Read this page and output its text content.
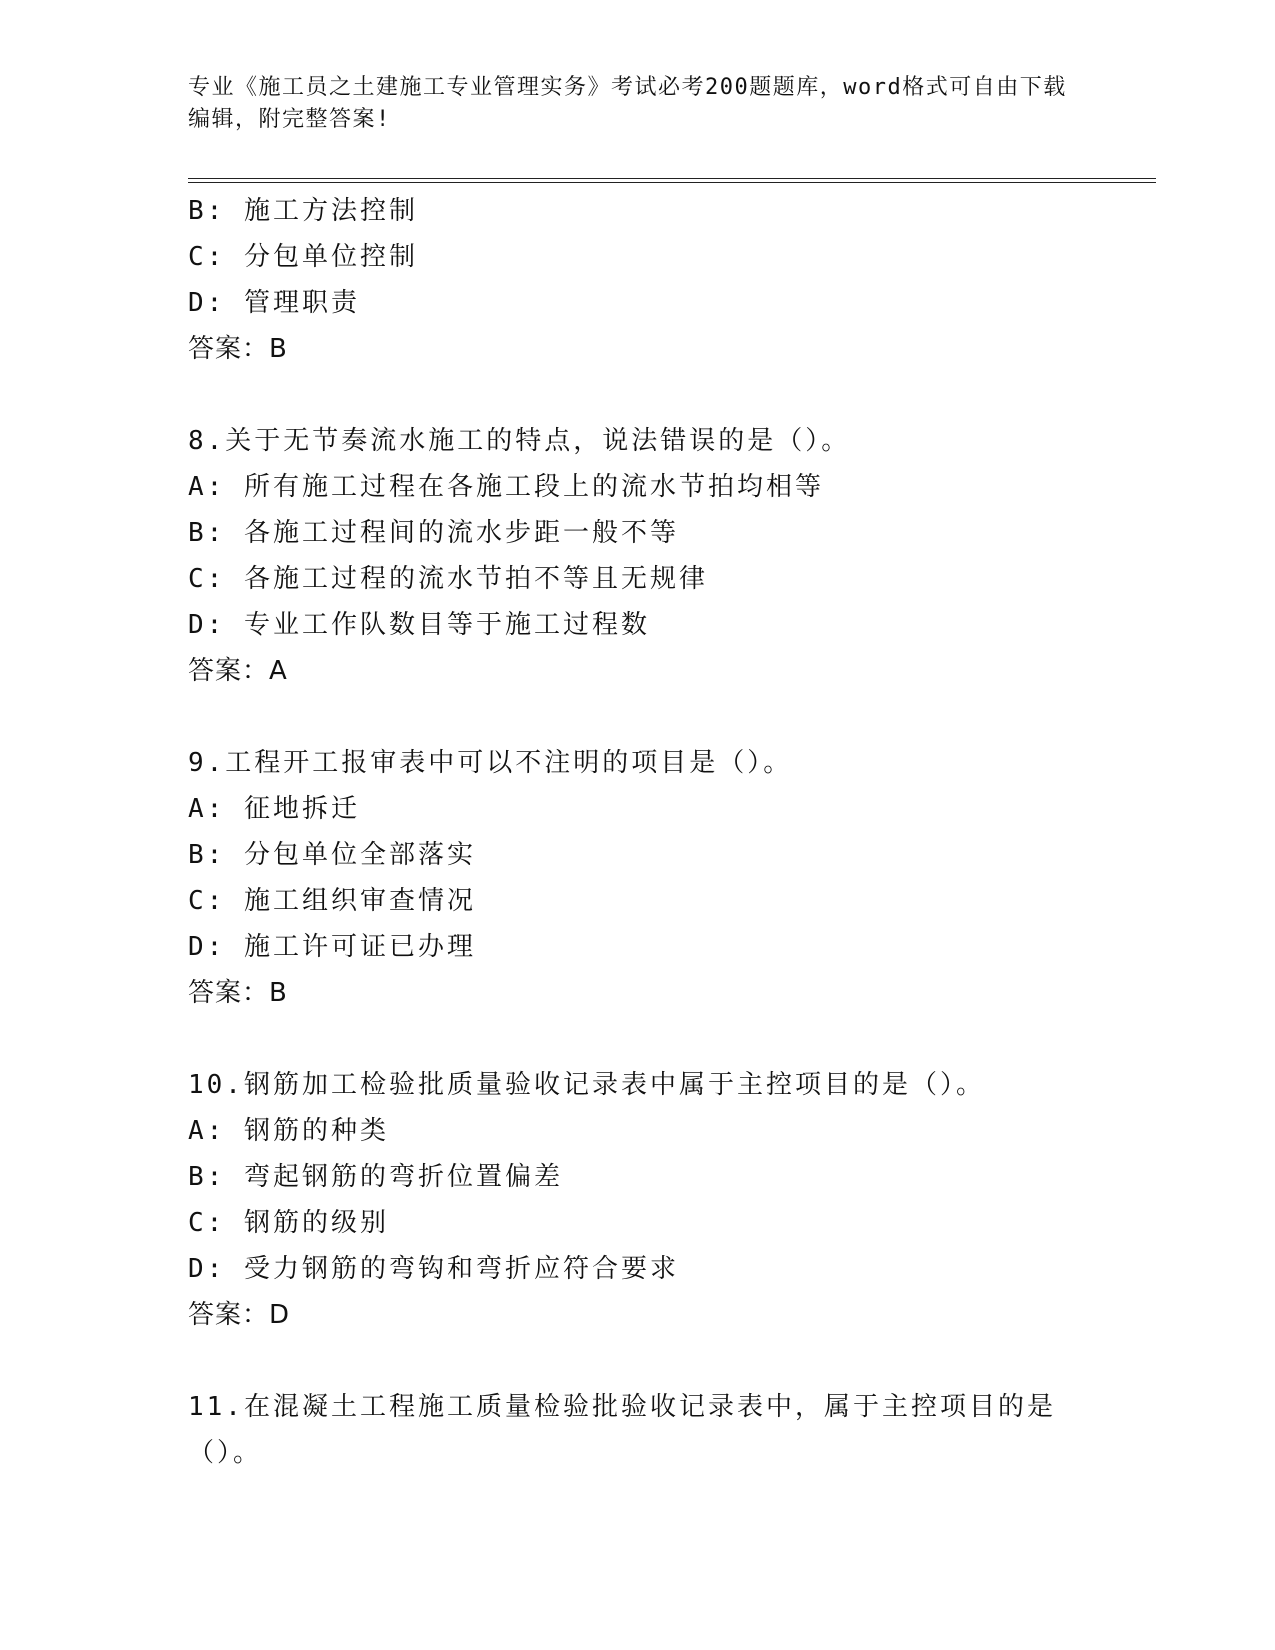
专业《施工员之土建施工专业管理实务》考试必考200题题库，word格式可自由下载编辑，附完整答案!
B: 施工方法控制
C: 分包单位控制
D: 管理职责
答案：B
8.关于无节奏流水施工的特点，说法错误的是（）。
A: 所有施工过程在各施工段上的流水节拍均相等
B: 各施工过程间的流水步距一般不等
C: 各施工过程的流水节拍不等且无规律
D: 专业工作队数目等于施工过程数
答案：A
9.工程开工报审表中可以不注明的项目是（）。
A: 征地拆迁
B: 分包单位全部落实
C: 施工组织审查情况
D: 施工许可证已办理
答案：B
10.钢筋加工检验批质量验收记录表中属于主控项目的是（）。
A: 钢筋的种类
B: 弯起钢筋的弯折位置偏差
C: 钢筋的级别
D: 受力钢筋的弯钩和弯折应符合要求
答案：D
11.在混凝土工程施工质量检验批验收记录表中，属于主控项目的是（）。
